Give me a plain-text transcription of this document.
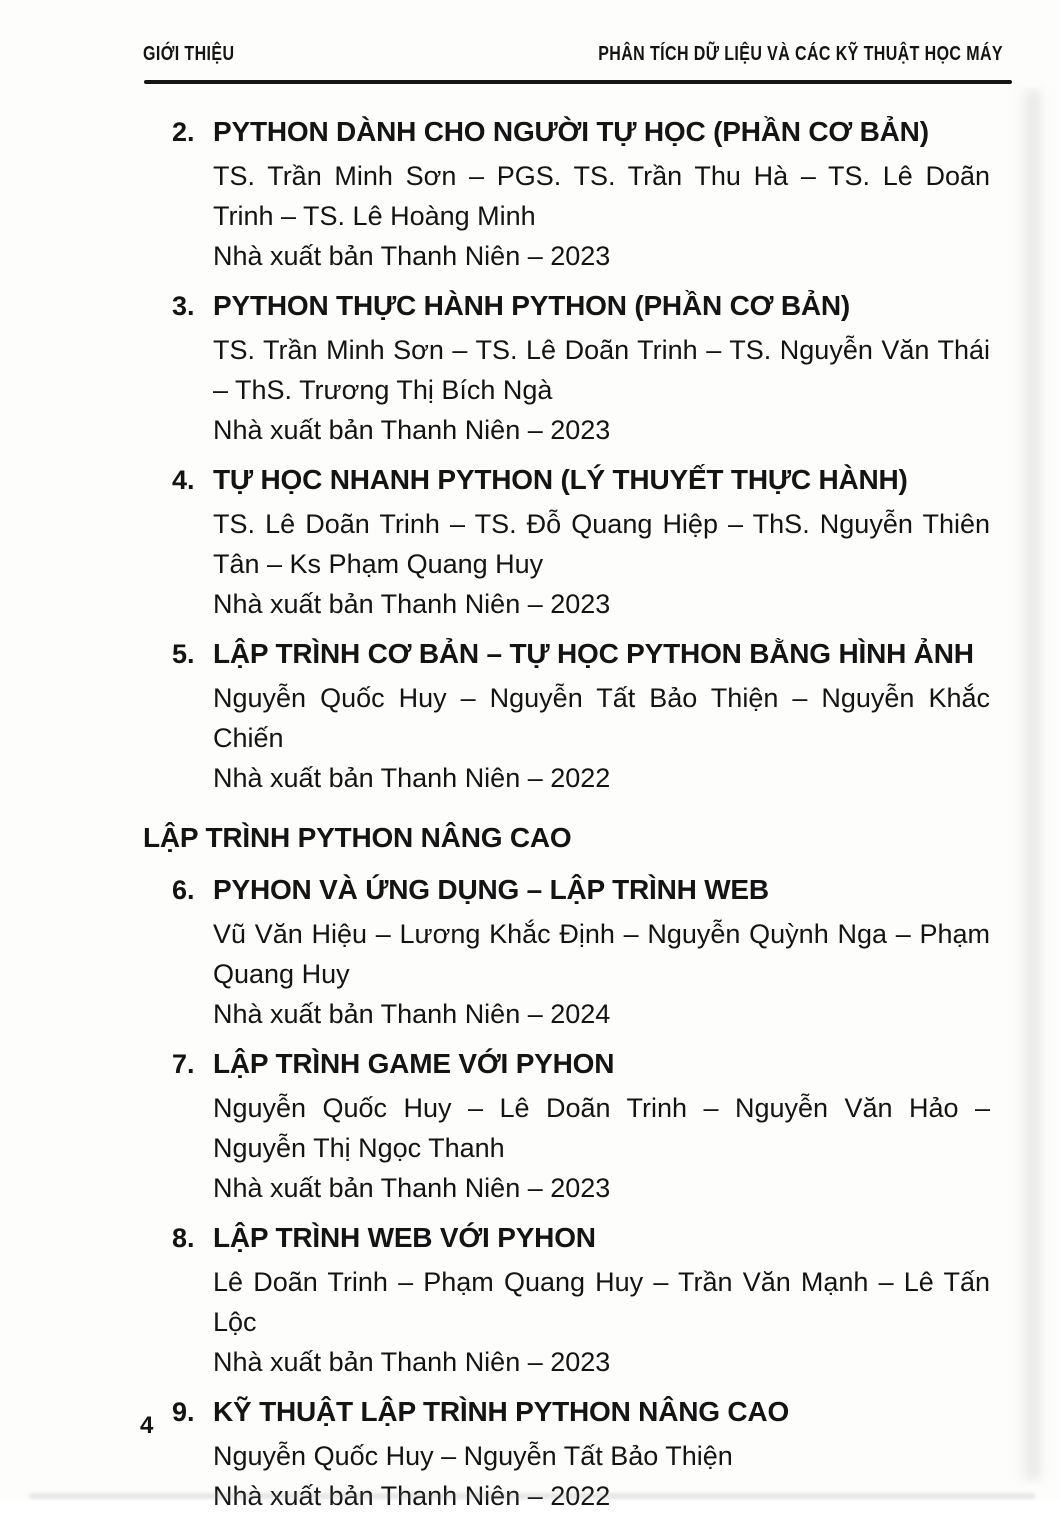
GIỚI THIỆU	PHÂN TÍCH DỮ LIỆU VÀ CÁC KỸ THUẬT HỌC MÁY
2. PYTHON DÀNH CHO NGƯỜI TỰ HỌC (PHẦN CƠ BẢN)
TS. Trần Minh Sơn – PGS. TS. Trần Thu Hà – TS. Lê Doãn Trinh – TS. Lê Hoàng Minh
Nhà xuất bản Thanh Niên – 2023
3. PYTHON THỰC HÀNH PYTHON (PHẦN CƠ BẢN)
TS. Trần Minh Sơn – TS. Lê Doãn Trinh – TS. Nguyễn Văn Thái – ThS. Trương Thị Bích Ngà
Nhà xuất bản Thanh Niên – 2023
4. TỰ HỌC NHANH PYTHON (LÝ THUYẾT THỰC HÀNH)
TS. Lê Doãn Trinh – TS. Đỗ Quang Hiệp – ThS. Nguyễn Thiên Tân – Ks Phạm Quang Huy
Nhà xuất bản Thanh Niên – 2023
5. LẬP TRÌNH CƠ BẢN – TỰ HỌC PYTHON BẰNG HÌNH ẢNH
Nguyễn Quốc Huy – Nguyễn Tất Bảo Thiện – Nguyễn Khắc Chiến
Nhà xuất bản Thanh Niên – 2022
LẬP TRÌNH PYTHON NÂNG CAO
6. PYHON VÀ ỨNG DỤNG – LẬP TRÌNH WEB
Vũ Văn Hiệu – Lương Khắc Định – Nguyễn Quỳnh Nga – Phạm Quang Huy
Nhà xuất bản Thanh Niên – 2024
7. LẬP TRÌNH GAME VỚI PYHON
Nguyễn Quốc Huy – Lê Doãn Trinh – Nguyễn Văn Hảo – Nguyễn Thị Ngọc Thanh
Nhà xuất bản Thanh Niên – 2023
8. LẬP TRÌNH WEB VỚI PYHON
Lê Doãn Trinh – Phạm Quang Huy – Trần Văn Mạnh – Lê Tấn Lộc
Nhà xuất bản Thanh Niên – 2023
9. KỸ THUẬT LẬP TRÌNH PYTHON NÂNG CAO
Nguyễn Quốc Huy – Nguyễn Tất Bảo Thiện
Nhà xuất bản Thanh Niên – 2022
4
